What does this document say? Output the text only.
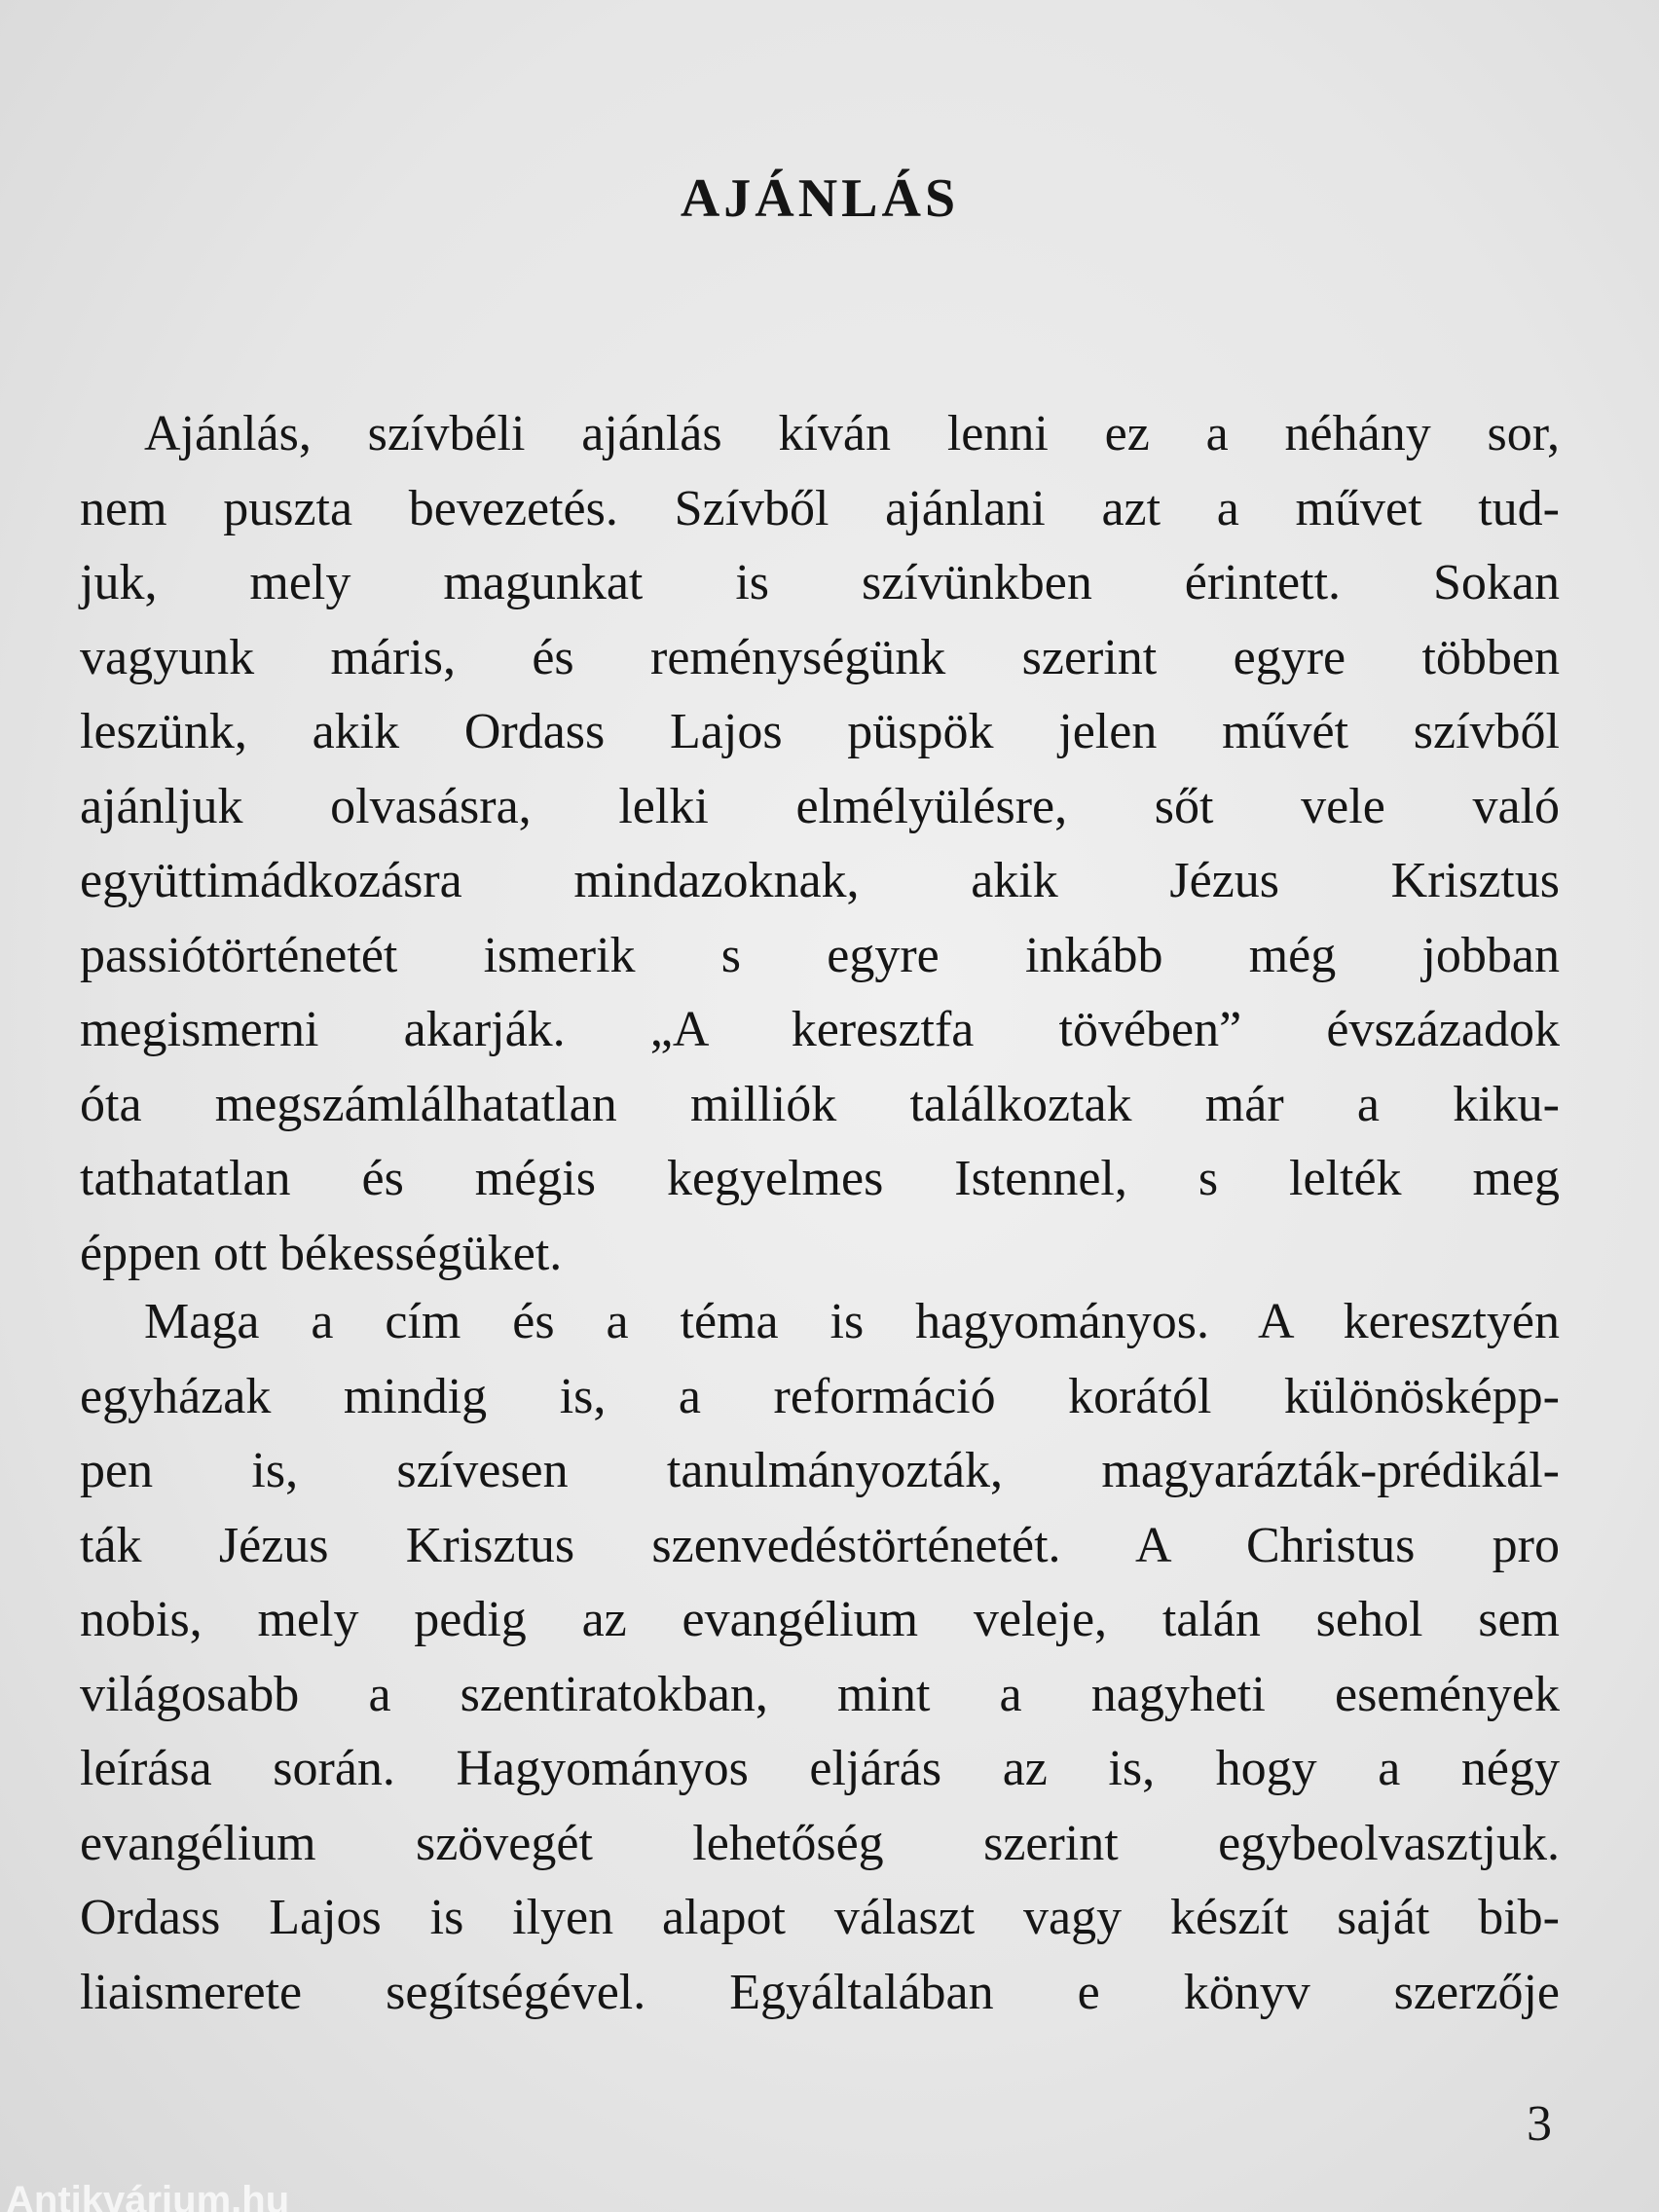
AJÁNLÁS
Ajánlás, szívbéli ajánlás kíván lenni ez a néhány sor,
nem puszta bevezetés. Szívből ajánlani azt a művet tud-
juk, mely magunkat is szívünkben érintett. Sokan
vagyunk máris, és reménységünk szerint egyre többen
leszünk, akik Ordass Lajos püspök jelen művét szívből
ajánljuk olvasásra, lelki elmélyülésre, sőt vele való
együttimádkozásra mindazoknak, akik Jézus Krisztus
passiótörténetét ismerik s egyre inkább még jobban
megismerni akarják. „A keresztfa tövében” évszázadok
óta megszámlálhatatlan milliók találkoztak már a kiku-
tathatatlan és mégis kegyelmes Istennel, s lelték meg
éppen ott békességüket.
Maga a cím és a téma is hagyományos. A keresztyén
egyházak mindig is, a reformáció korától különösképp-
pen is, szívesen tanulmányozták, magyarázták-prédikál-
ták Jézus Krisztus szenvedéstörténetét. A Christus pro
nobis, mely pedig az evangélium veleje, talán sehol sem
világosabb a szentiratokban, mint a nagyheti események
leírása során. Hagyományos eljárás az is, hogy a négy
evangélium szövegét lehetőség szerint egybeolvasztjuk.
Ordass Lajos is ilyen alapot választ vagy készít saját bib-
liaismerete segítségével. Egyáltalában e könyv szerzője
3
Antikvárium.hu
